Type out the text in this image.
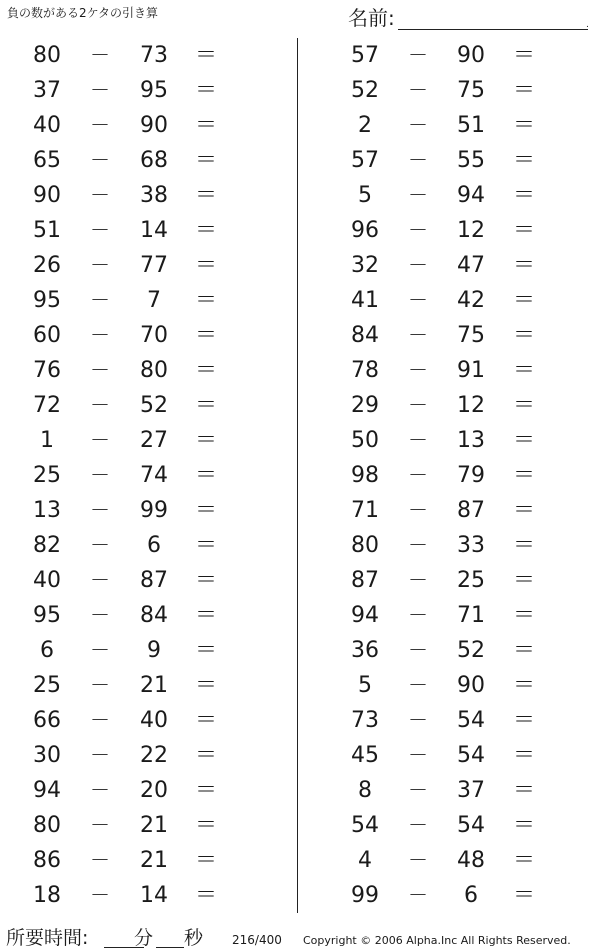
負の数がある2ケタの引き算	名前:	.
80	－	73	＝
37	－	95	＝
40	－	90	＝
65	－	68	＝
90	－	38	＝
51	－	14	＝
26	－	77	＝
95	－	7	＝
60	－	70	＝
76	－	80	＝
72	－	52	＝
1	－	27	＝
25	－	74	＝
13	－	99	＝
82	－	6	＝
40	－	87	＝
95	－	84	＝
6	－	9	＝
25	－	21	＝
66	－	40	＝
30	－	22	＝
94	－	20	＝
80	－	21	＝
86	－	21	＝
18	－	14	＝
57	－	90	＝
52	－	75	＝
2	－	51	＝
57	－	55	＝
5	－	94	＝
96	－	12	＝
32	－	47	＝
41	－	42	＝
84	－	75	＝
78	－	91	＝
29	－	12	＝
50	－	13	＝
98	－	79	＝
71	－	87	＝
80	－	33	＝
87	－	25	＝
94	－	71	＝
36	－	52	＝
5	－	90	＝
73	－	54	＝
45	－	54	＝
8	－	37	＝
54	－	54	＝
4	－	48	＝
99	－	6	＝
所要時間: 分 秒 216/400 Copyright © 2006 Alpha.Inc All Rights Reserved.
